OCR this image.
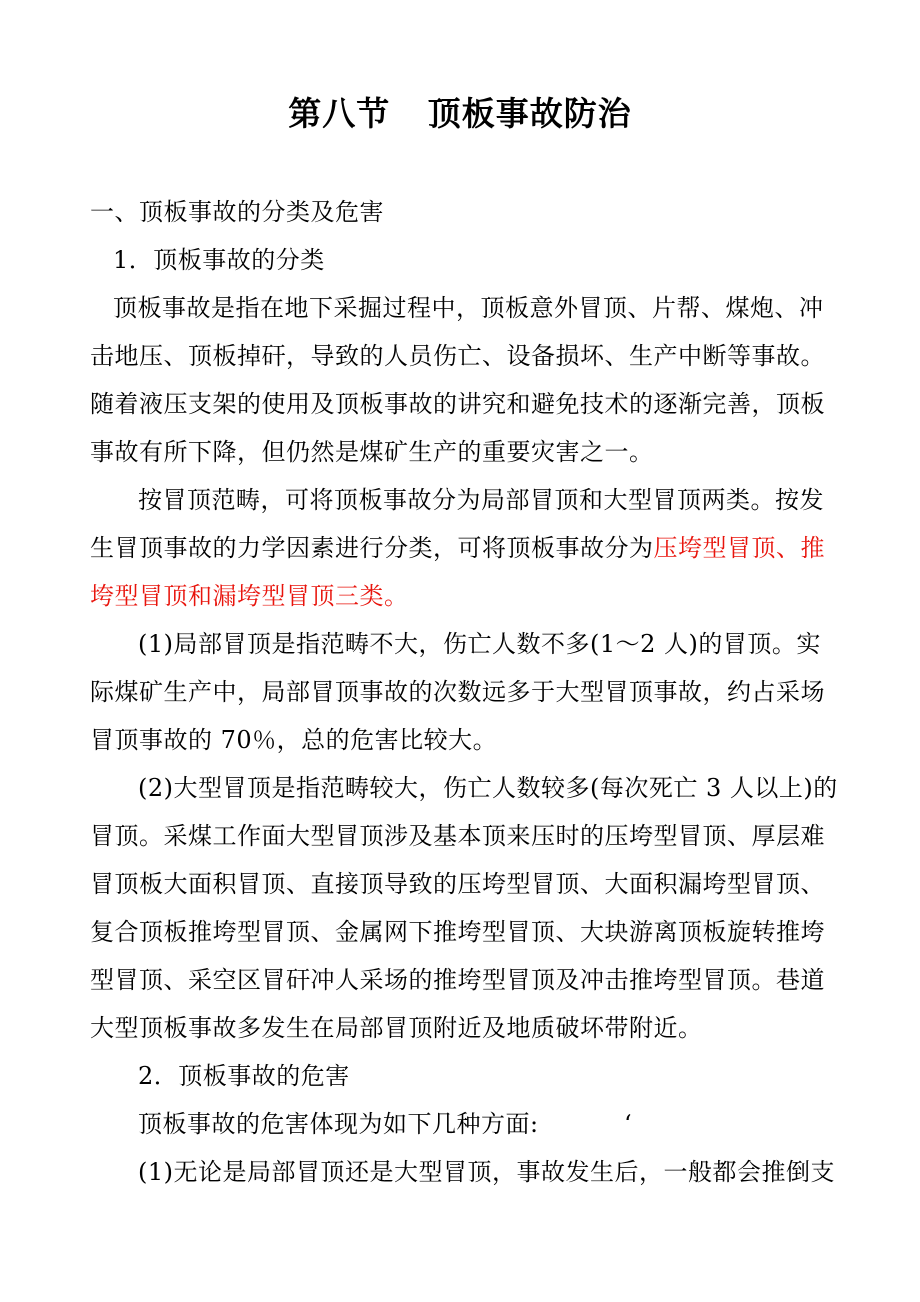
第八节   顶板事故防治
一、顶板事故的分类及危害
1．顶板事故的分类
顶板事故是指在地下采掘过程中，顶板意外冒顶、片帮、煤炮、冲
击地压、顶板掉矸，导致的人员伤亡、设备损坏、生产中断等事故。
随着液压支架的使用及顶板事故的讲究和避免技术的逐渐完善，顶板
事故有所下降，但仍然是煤矿生产的重要灾害之一。
按冒顶范畴，可将顶板事故分为局部冒顶和大型冒顶两类。按发
生冒顶事故的力学因素进行分类，可将顶板事故分为压垮型冒顶、推
垮型冒顶和漏垮型冒顶三类。
(1)局部冒顶是指范畴不大，伤亡人数不多(1～2 人)的冒顶。实
际煤矿生产中，局部冒顶事故的次数远多于大型冒顶事故，约占采场
冒顶事故的 70％，总的危害比较大。
(2)大型冒顶是指范畴较大，伤亡人数较多(每次死亡 3 人以上)的
冒顶。采煤工作面大型冒顶涉及基本顶来压时的压垮型冒顶、厚层难
冒顶板大面积冒顶、直接顶导致的压垮型冒顶、大面积漏垮型冒顶、
复合顶板推垮型冒顶、金属网下推垮型冒顶、大块游离顶板旋转推垮
型冒顶、采空区冒矸冲人采场的推垮型冒顶及冲击推垮型冒顶。巷道
大型顶板事故多发生在局部冒顶附近及地质破坏带附近。
2．顶板事故的危害
顶板事故的危害体现为如下几种方面:	‘
(1)无论是局部冒顶还是大型冒顶，事故发生后，一般都会推倒支
